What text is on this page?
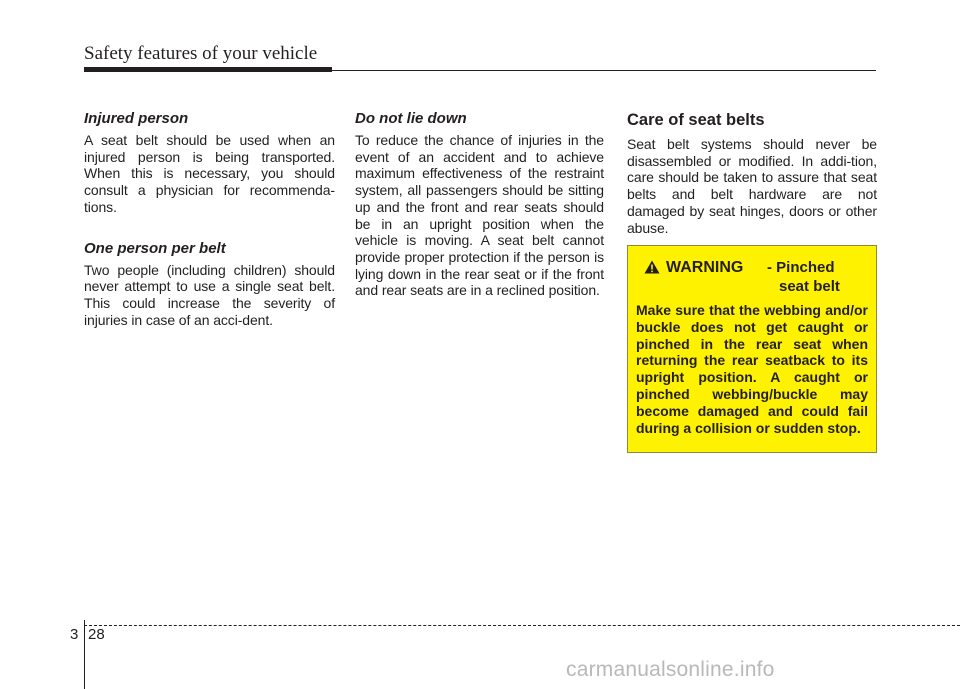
Safety features of your vehicle
Injured person

A seat belt should be used when an injured person is being transported. When this is necessary, you should consult a physician for recommenda-tions.

One person per belt

Two people (including children) should never attempt to use a single seat belt. This could increase the severity of injuries in case of an acci-dent.

Do not lie down

To reduce the chance of injuries in the event of an accident and to achieve maximum effectiveness of the restraint system, all passengers should be sitting up and the front and rear seats should be in an upright position when the vehicle is moving. A seat belt cannot provide proper protection if the person is lying down in the rear seat or if the front and rear seats are in a reclined position.

Care of seat belts

Seat belt systems should never be disassembled or modified. In addi-tion, care should be taken to assure that seat belts and belt hardware are not damaged by seat hinges, doors or other abuse.

WARNING - Pinched
seat belt

Make sure that the webbing and/or buckle does not get caught or pinched in the rear seat when returning the rear seatback to its upright position. A caught or pinched webbing/buckle may become damaged and could fail during a collision or sudden stop.

3 28
carmanualsonline.info
